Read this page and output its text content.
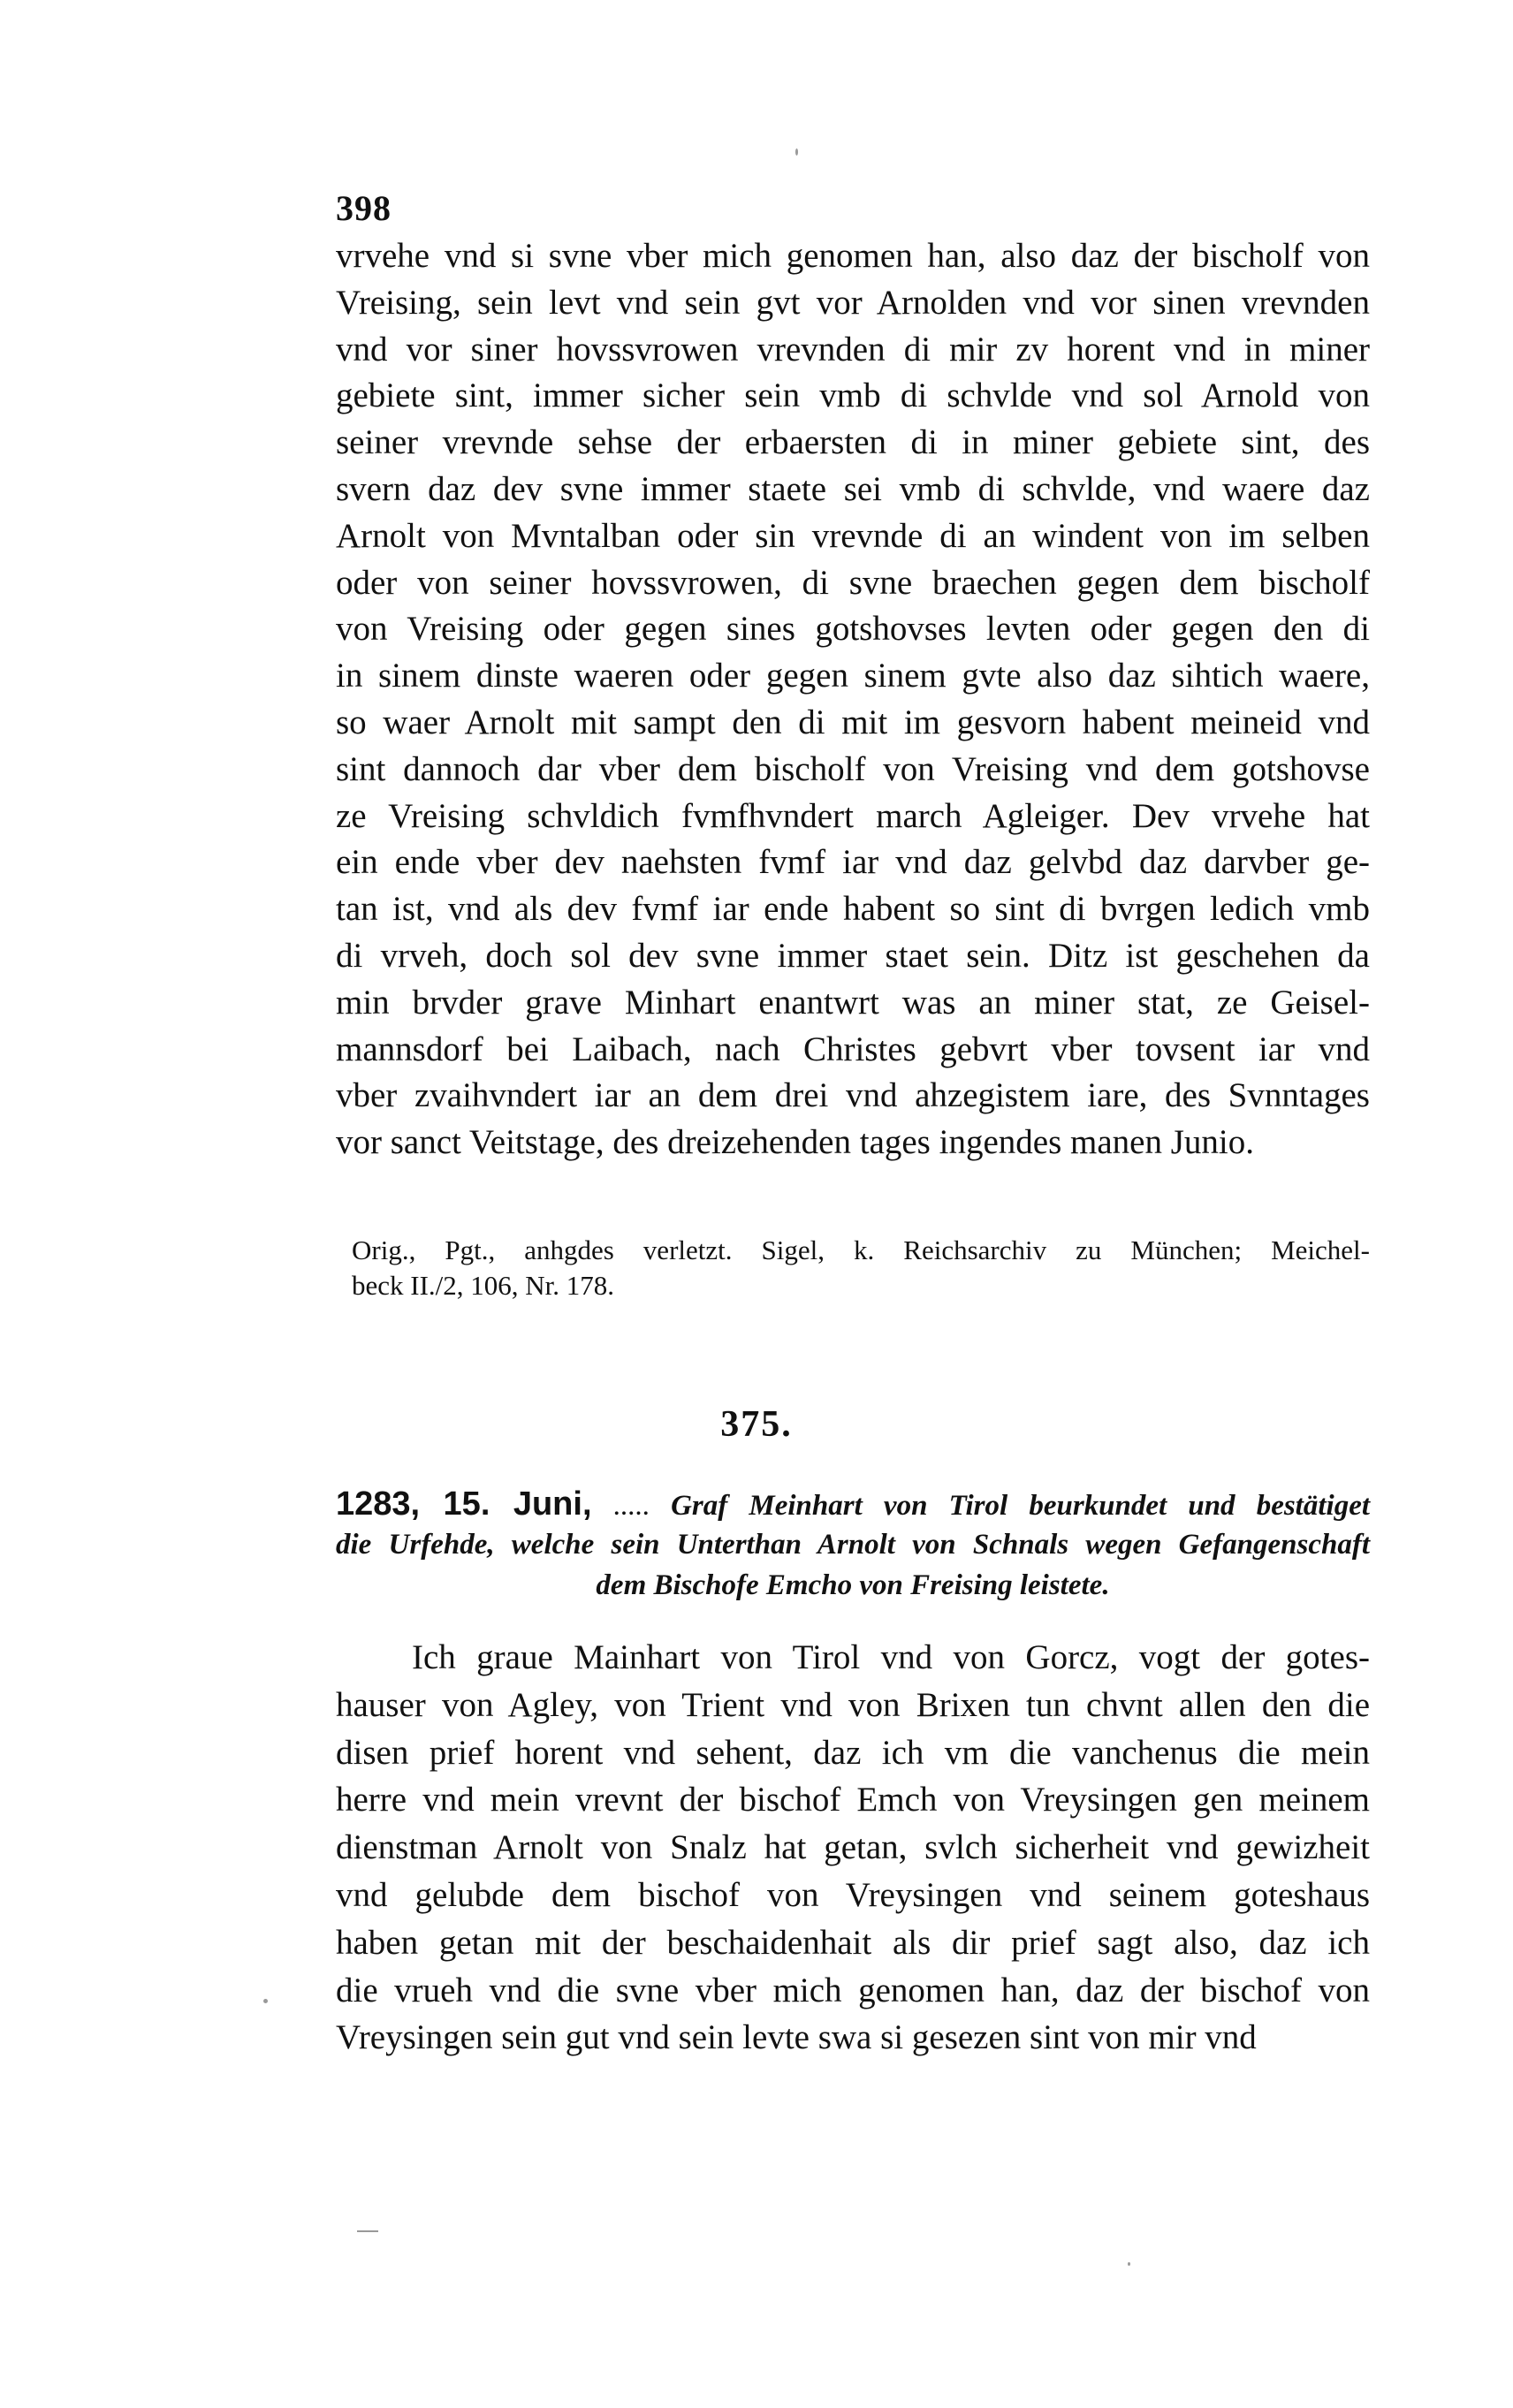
398
vrvehe vnd si svne vber mich genomen han, also daz der bischolf von
Vreising, sein levt vnd sein gvt vor Arnolden vnd vor sinen vrevnden
vnd vor siner hovssvrowen vrevnden di mir zv horent vnd in miner
gebiete sint, immer sicher sein vmb di schvlde vnd sol Arnold von
seiner vrevnde sehse der erbaersten di in miner gebiete sint, des
svern daz dev svne immer staete sei vmb di schvlde, vnd waere daz
Arnolt von Mvntalban oder sin vrevnde di an windent von im selben
oder von seiner hovssvrowen, di svne braechen gegen dem bischolf
von Vreising oder gegen sines gotshovses levten oder gegen den di
in sinem dinste waeren oder gegen sinem gvte also daz sihtich waere,
so waer Arnolt mit sampt den di mit im gesvorn habent meineid vnd
sint dannoch dar vber dem bischolf von Vreising vnd dem gotshovse
ze Vreising schvldich fvmfhvndert march Agleiger. Dev vrvehe hat
ein ende vber dev naehsten fvmf iar vnd daz gelvbd daz darvber ge-
tan ist, vnd als dev fvmf iar ende habent so sint di bvrgen ledich vmb
di vrveh, doch sol dev svne immer staet sein. Ditz ist geschehen da
min brvder grave Minhart enantwrt was an miner stat, ze Geisel-
mannsdorf bei Laibach, nach Christes gebvrt vber tovsent iar vnd
vber zvaihvndert iar an dem drei vnd ahzegistem iare, des Svnntages
vor sanct Veitstage, des dreizehenden tages ingendes manen Junio.
Orig., Pgt., anhgdes verletzt. Sigel, k. Reichsarchiv zu München; Meichel-
beck II./2, 106, Nr. 178.
375.
1283, 15. Juni, ..... Graf Meinhart von Tirol beurkundet und bestätiget
die Urfehde, welche sein Unterthan Arnolt von Schnals wegen Gefangenschaft
dem Bischofe Emcho von Freising leistete.
Ich graue Mainhart von Tirol vnd von Gorcz, vogt der gotes-
hauser von Agley, von Trient vnd von Brixen tun chvnt allen den die
disen prief horent vnd sehent, daz ich vm die vanchenus die mein
herre vnd mein vrevnt der bischof Emch von Vreysingen gen meinem
dienstman Arnolt von Snalz hat getan, svlch sicherheit vnd gewizheit
vnd gelubde dem bischof von Vreysingen vnd seinem goteshaus
haben getan mit der beschaidenhait als dir prief sagt also, daz ich
die vrueh vnd die svne vber mich genomen han, daz der bischof von
Vreysingen sein gut vnd sein levte swa si gesezen sint von mir vnd
